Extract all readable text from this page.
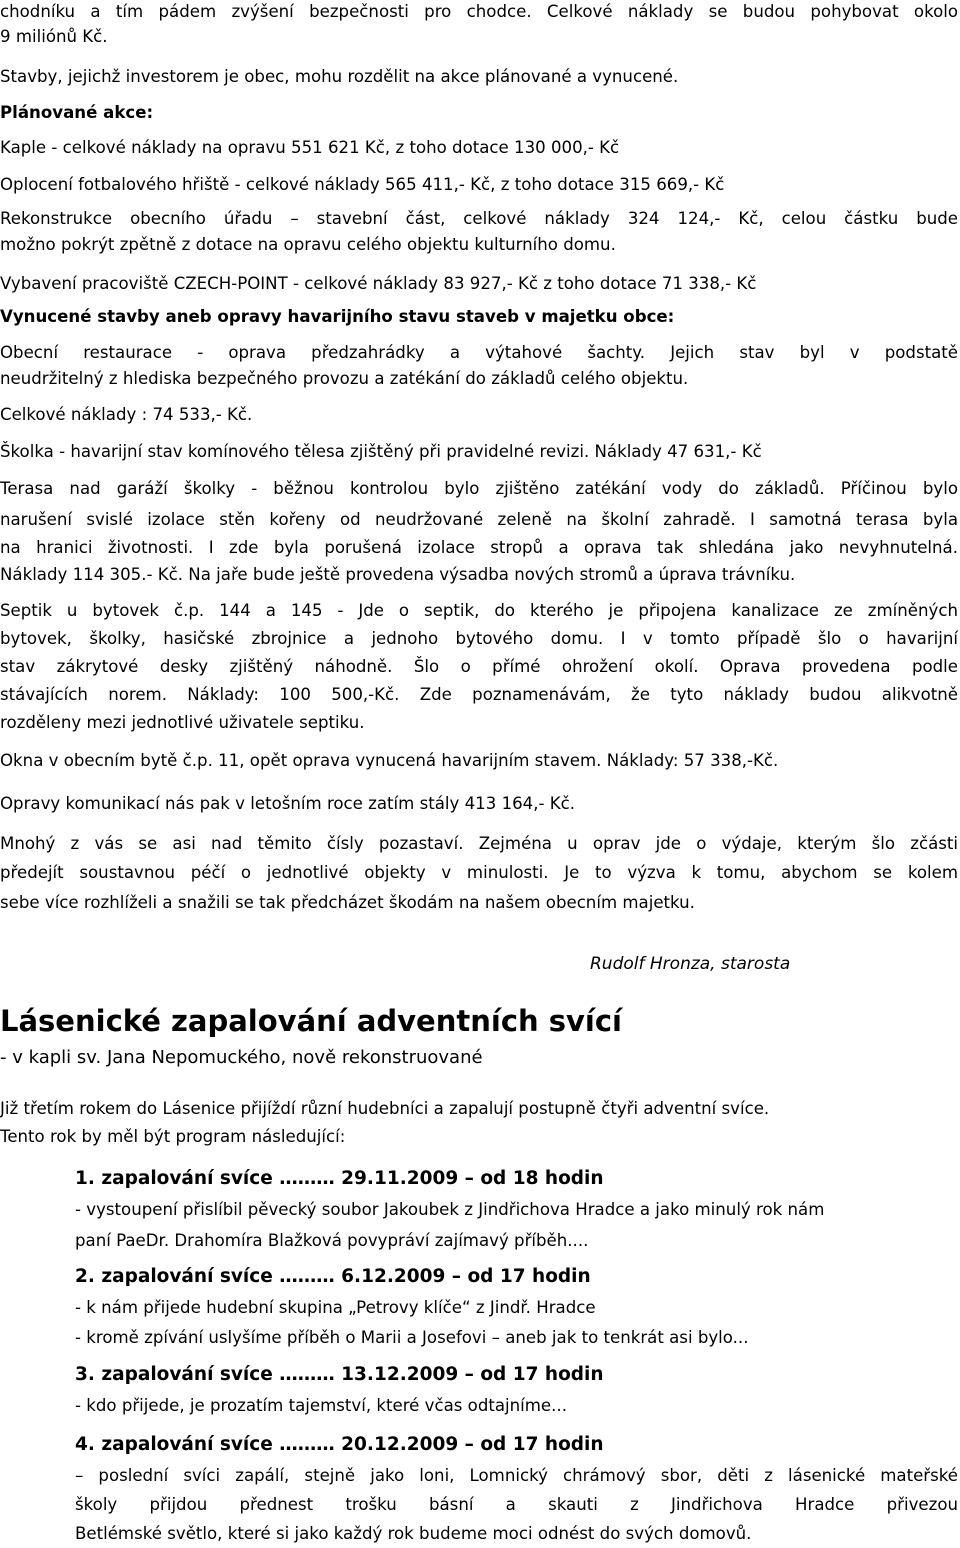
chodníku a tím pádem zvýšení bezpečnosti pro chodce. Celkové náklady se budou pohybovat okolo

9 miliónů Kč.

Stavby, jejichž investorem je obec, mohu rozdělit na akce plánované a vynucené.

Plánované akce:

Kaple - celkové náklady na opravu 551 621 Kč, z toho dotace 130 000,- Kč

Oplocení fotbalového hřiště - celkové náklady 565 411,- Kč, z toho dotace 315 669,- Kč

Rekonstrukce obecního úřadu – stavební část, celkové náklady 324 124,- Kč, celou částku bude

možno pokrýt zpětně z dotace na opravu celého objektu kulturního domu.

Vybavení pracoviště CZECH-POINT - celkové náklady 83 927,- Kč z toho dotace 71 338,- Kč

Vynucené stavby aneb opravy havarijního stavu staveb v majetku obce:

Obecní restaurace - oprava předzahrádky a výtahové šachty. Jejich stav byl v podstatě

neudržitelný z hlediska bezpečného provozu a zatékání do základů celého objektu.

Celkové náklady : 74 533,- Kč.

Školka - havarijní stav komínového tělesa zjištěný při pravidelné revizi. Náklady 47 631,- Kč

Terasa nad garáží školky - běžnou kontrolou bylo zjištěno zatékání vody do základů. Příčinou bylo

narušení svislé izolace stěn kořeny od neudržované zeleně na školní zahradě. I samotná terasa byla

na hranici životnosti. I zde byla porušená izolace stropů a oprava tak shledána jako nevyhnutelná.

Náklady 114 305.- Kč. Na jaře bude ještě provedena výsadba nových stromů a úprava trávníku.

Septik u bytovek č.p. 144 a 145 - Jde o septik, do kterého je připojena kanalizace ze zmíněných

bytovek, školky, hasičské zbrojnice a jednoho bytového domu. I v tomto případě šlo o havarijní

stav zákrytové desky zjištěný náhodně. Šlo o přímé ohrožení okolí. Oprava provedena podle

stávajících norem. Náklady: 100 500,-Kč. Zde poznamenávám, že tyto náklady budou alikvotně

rozděleny mezi jednotlivé uživatele septiku.

Okna v obecním bytě č.p. 11, opět oprava vynucená havarijním stavem. Náklady: 57 338,-Kč.

Opravy komunikací nás pak v letošním roce zatím stály 413 164,- Kč.

Mnohý z vás se asi nad těmito čísly pozastaví. Zejména u oprav jde o výdaje, kterým šlo zčásti

předejít soustavnou péčí o jednotlivé objekty v minulosti. Je to výzva k tomu, abychom se kolem

sebe více rozhlíželi a snažili se tak předcházet škodám na našem obecním majetku.

Rudolf Hronza, starosta

Lásenické zapalování adventních svící

- v kapli sv. Jana Nepomuckého, nově rekonstruované

Již třetím rokem do Lásenice přijíždí různí hudebníci a zapalují postupně čtyři adventní svíce.

Tento rok by měl být program následující:

1. zapalování svíce ……… 29.11.2009 – od 18 hodin

- vystoupení přislíbil pěvecký soubor Jakoubek z Jindřichova Hradce a jako minulý rok nám

paní PaeDr. Drahomíra Blažková povypráví zajímavý příběh....

2. zapalování svíce ……… 6.12.2009 – od 17 hodin

- k nám přijede hudební skupina „Petrovy klíče“ z Jindř. Hradce

- kromě zpívání uslyšíme příběh o Marii a Josefovi – aneb jak to tenkrát asi bylo...

3. zapalování svíce ……… 13.12.2009 – od 17 hodin

- kdo přijede, je prozatím tajemství, které včas odtajníme...

4. zapalování svíce ……… 20.12.2009 – od 17 hodin

– poslední svíci zapálí, stejně jako loni, Lomnický chrámový sbor, děti z lásenické mateřské

školy přijdou přednest trošku básní a skauti z Jindřichova Hradce přivezou

Betlémské světlo, které si jako každý rok budeme moci odnést do svých domovů.
